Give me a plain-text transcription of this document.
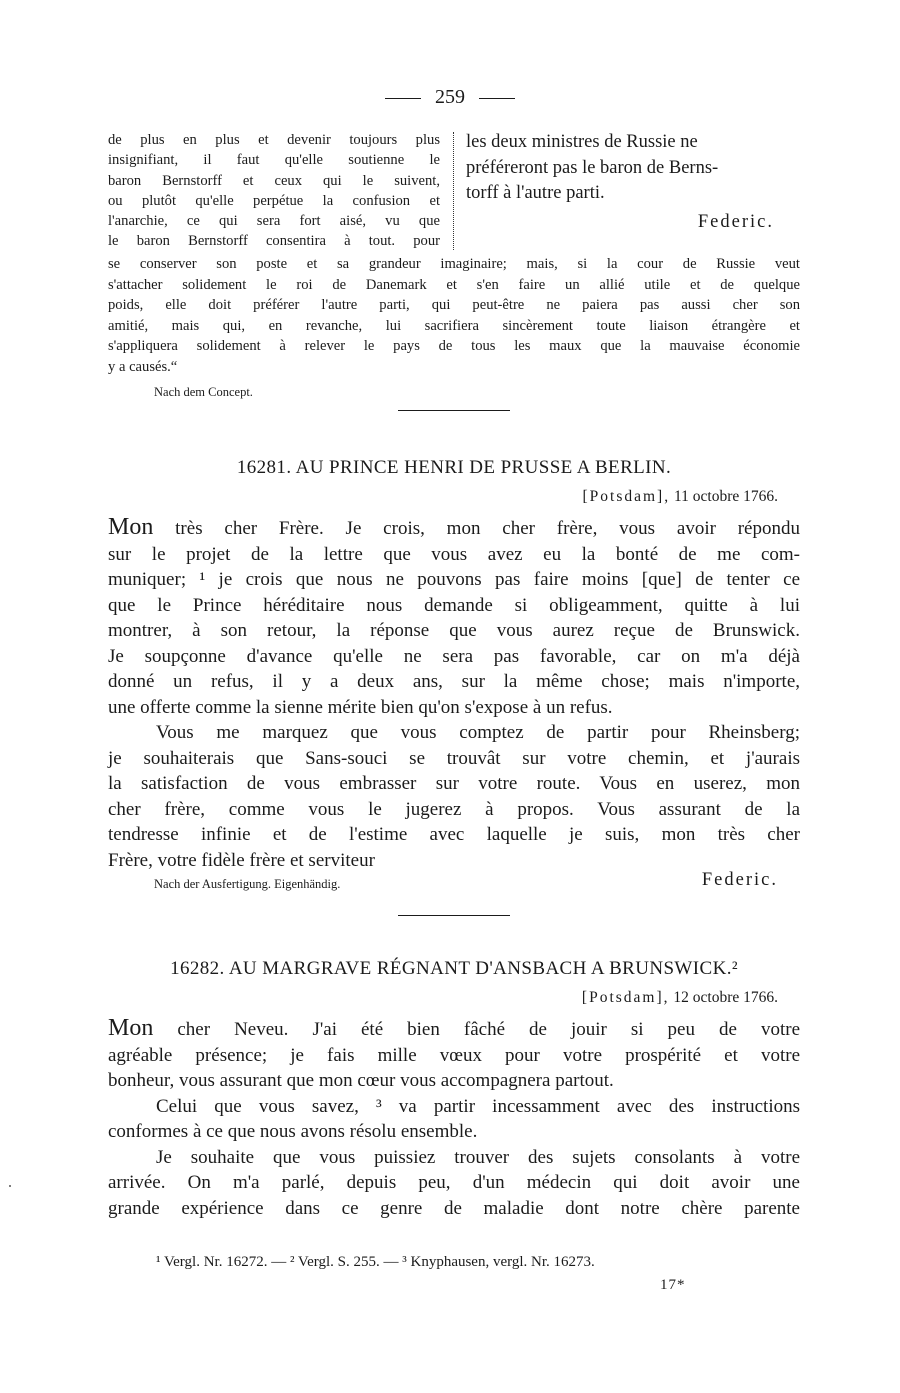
259
de plus en plus et devenir toujours plus
insignifiant, il faut qu'elle soutienne le
baron Bernstorff et ceux qui le suivent,
ou plutôt qu'elle perpétue la confusion et
l'anarchie, ce qui sera fort aisé, vu que
le baron Bernstorff consentira à tout. pour
les deux ministres de Russie ne
préféreront pas le baron de Berns-
torff à l'autre parti.
Federic.
se conserver son poste et sa grandeur imaginaire; mais, si la cour de Russie veut
s'attacher solidement le roi de Danemark et s'en faire un allié utile et de quelque
poids, elle doit préférer l'autre parti, qui peut-être ne paiera pas aussi cher son
amitié, mais qui, en revanche, lui sacrifiera sincèrement toute liaison étrangère et
s'appliquera solidement à relever le pays de tous les maux que la mauvaise économie
y a causés.“
Nach dem Concept.
16281. AU PRINCE HENRI DE PRUSSE A BERLIN.
[Potsdam], 11 octobre 1766.
Mon très cher Frère. Je crois, mon cher frère, vous avoir répondu
sur le projet de la lettre que vous avez eu la bonté de me com-
muniquer; ¹ je crois que nous ne pouvons pas faire moins [que] de tenter ce
que le Prince héréditaire nous demande si obligeamment, quitte à lui
montrer, à son retour, la réponse que vous aurez reçue de Brunswick.
Je soupçonne d'avance qu'elle ne sera pas favorable, car on m'a déjà
donné un refus, il y a deux ans, sur la même chose; mais n'importe,
une offerte comme la sienne mérite bien qu'on s'expose à un refus.
Vous me marquez que vous comptez de partir pour Rheinsberg;
je souhaiterais que Sans-souci se trouvât sur votre chemin, et j'aurais
la satisfaction de vous embrasser sur votre route. Vous en userez, mon
cher frère, comme vous le jugerez à propos. Vous assurant de la
tendresse infinie et de l'estime avec laquelle je suis, mon très cher
Frère, votre fidèle frère et serviteur
Nach der Ausfertigung. Eigenhändig.	Federic.
16282. AU MARGRAVE RÉGNANT D'ANSBACH A BRUNSWICK.²
[Potsdam], 12 octobre 1766.
Mon cher Neveu. J'ai été bien fâché de jouir si peu de votre
agréable présence; je fais mille vœux pour votre prospérité et votre
bonheur, vous assurant que mon cœur vous accompagnera partout.
Celui que vous savez, ³ va partir incessamment avec des instructions
conformes à ce que nous avons résolu ensemble.
Je souhaite que vous puissiez trouver des sujets consolants à votre
arrivée. On m'a parlé, depuis peu, d'un médecin qui doit avoir une
grande expérience dans ce genre de maladie dont notre chère parente
¹ Vergl. Nr. 16272. — ² Vergl. S. 255. — ³ Knyphausen, vergl. Nr. 16273.
17*
